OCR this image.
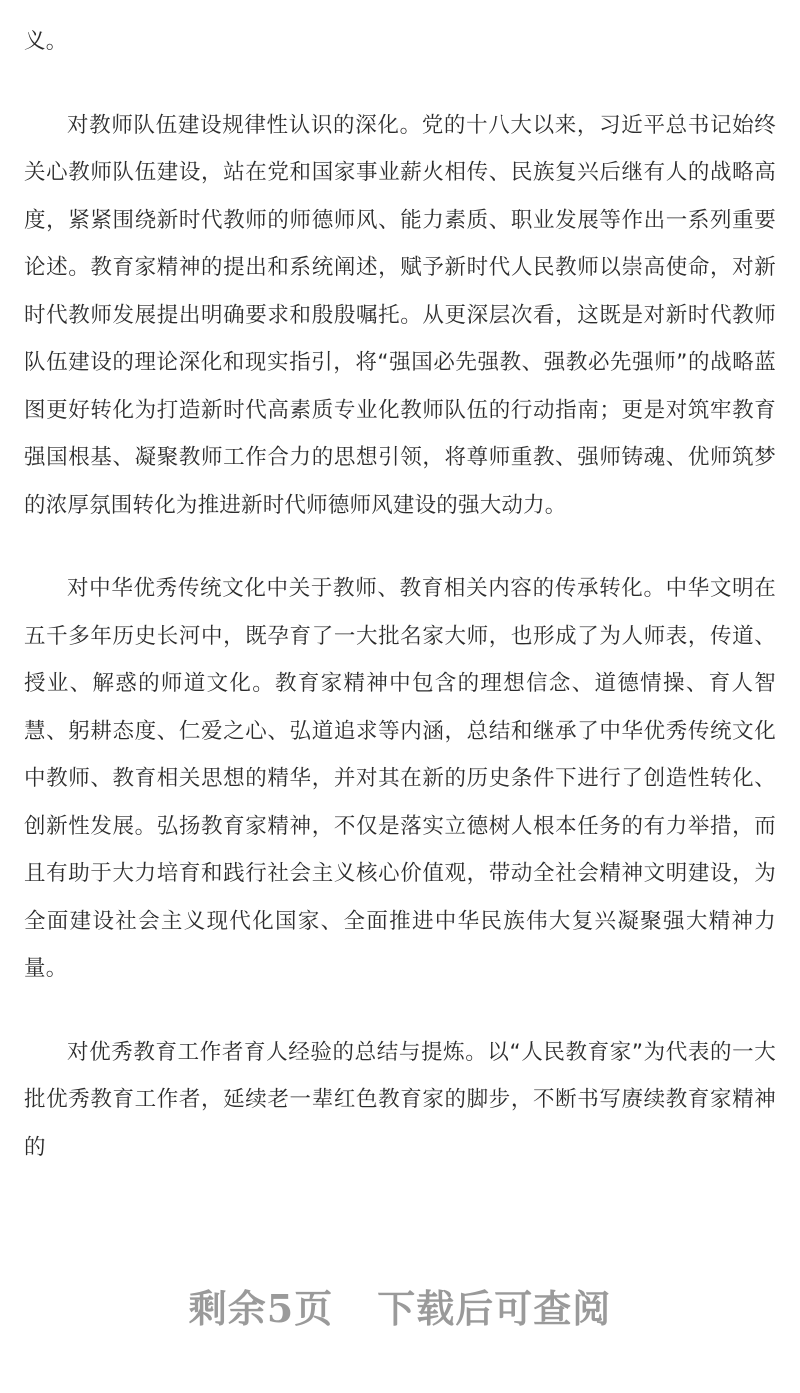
义。

对教师队伍建设规律性认识的深化。党的十八大以来，习近平总书记始终关心教师队伍建设，站在党和国家事业薪火相传、民族复兴后继有人的战略高度，紧紧围绕新时代教师的师德师风、能力素质、职业发展等作出一系列重要论述。教育家精神的提出和系统阐述，赋予新时代人民教师以崇高使命，对新时代教师发展提出明确要求和殷殷嘱托。从更深层次看，这既是对新时代教师队伍建设的理论深化和现实指引，将“强国必先强教、强教必先强师”的战略蓝图更好转化为打造新时代高素质专业化教师队伍的行动指南；更是对筑牢教育强国根基、凝聚教师工作合力的思想引领，将尊师重教、强师铸魂、优师筑梦的浓厚氛围转化为推进新时代师德师风建设的强大动力。

对中华优秀传统文化中关于教师、教育相关内容的传承转化。中华文明在五千多年历史长河中，既孕育了一大批名家大师，也形成了为人师表，传道、授业、解惑的师道文化。教育家精神中包含的理想信念、道德情操、育人智慧、躬耕态度、仁爱之心、弘道追求等内涵，总结和继承了中华优秀传统文化中教师、教育相关思想的精华，并对其在新的历史条件下进行了创造性转化、创新性发展。弘扬教育家精神，不仅是落实立德树人根本任务的有力举措，而且有助于大力培育和践行社会主义核心价值观，带动全社会精神文明建设，为全面建设社会主义现代化国家、全面推进中华民族伟大复兴凝聚强大精神力量。

对优秀教育工作者育人经验的总结与提炼。以“人民教育家”为代表的一大批优秀教育工作者，延续老一辈红色教育家的脚步，不断书写赓续教育家精神的

剩余5页 下载后可查阅
